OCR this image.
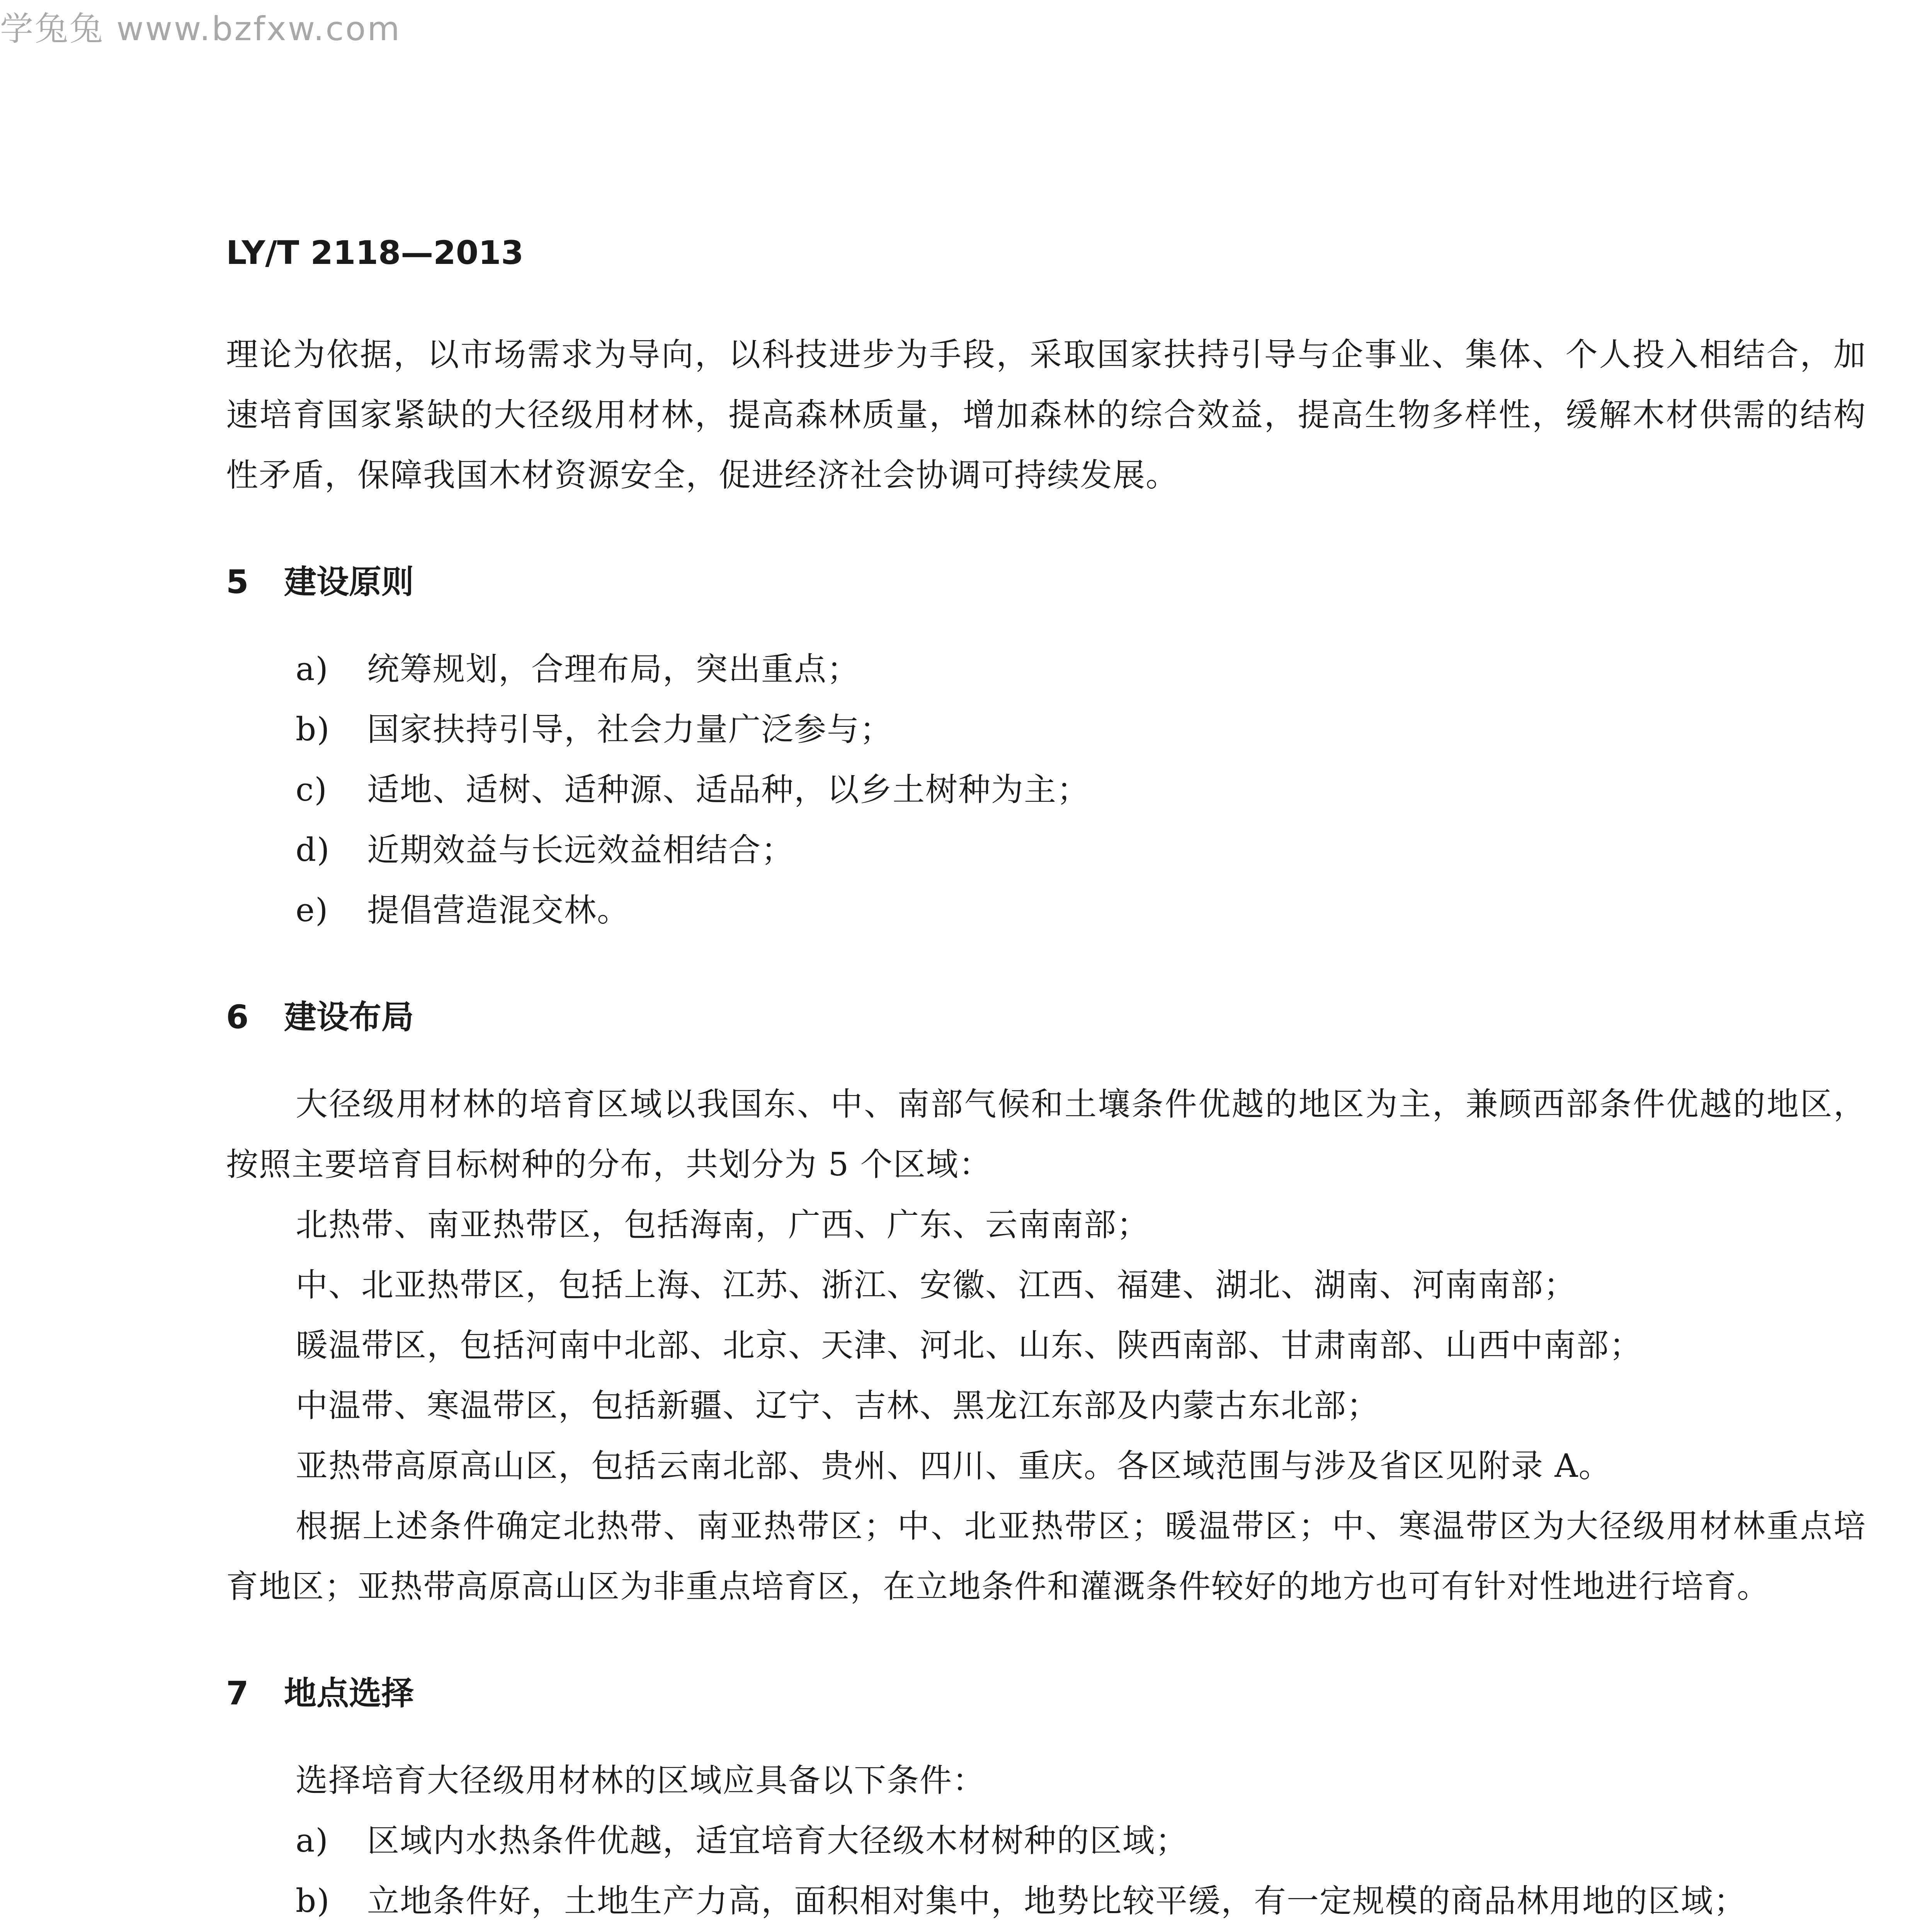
学兔兔 www.bzfxw.com
LY/T 2118—2013

理论为依据，以市场需求为导向，以科技进步为手段，采取国家扶持引导与企事业、集体、个人投入相结合，加速培育国家紧缺的大径级用材林，提高森林质量，增加森林的综合效益，提高生物多样性，缓解木材供需的结构性矛盾，保障我国木材资源安全，促进经济社会协调可持续发展。

5 建设原则

a) 统筹规划，合理布局，突出重点；

b) 国家扶持引导，社会力量广泛参与；

c) 适地、适树、适种源、适品种，以乡土树种为主；

d) 近期效益与长远效益相结合；

e) 提倡营造混交林。

6 建设布局

大径级用材林的培育区域以我国东、中、南部气候和土壤条件优越的地区为主，兼顾西部条件优越的地区，按照主要培育目标树种的分布，共划分为 5 个区域：

北热带、南亚热带区，包括海南，广西、广东、云南南部；

中、北亚热带区，包括上海、江苏、浙江、安徽、江西、福建、湖北、湖南、河南南部；

暖温带区，包括河南中北部、北京、天津、河北、山东、陕西南部、甘肃南部、山西中南部；

中温带、寒温带区，包括新疆、辽宁、吉林、黑龙江东部及内蒙古东北部；

亚热带高原高山区，包括云南北部、贵州、四川、重庆。各区域范围与涉及省区见附录 A。

根据上述条件确定北热带、南亚热带区；中、北亚热带区；暖温带区；中、寒温带区为大径级用材林重点培育地区；亚热带高原高山区为非重点培育区，在立地条件和灌溉条件较好的地方也可有针对性地进行培育。

7 地点选择

选择培育大径级用材林的区域应具备以下条件：

a) 区域内水热条件优越，适宜培育大径级木材树种的区域；

b) 立地条件好，土地生产力高，面积相对集中，地势比较平缓，有一定规模的商品林用地的区域；
